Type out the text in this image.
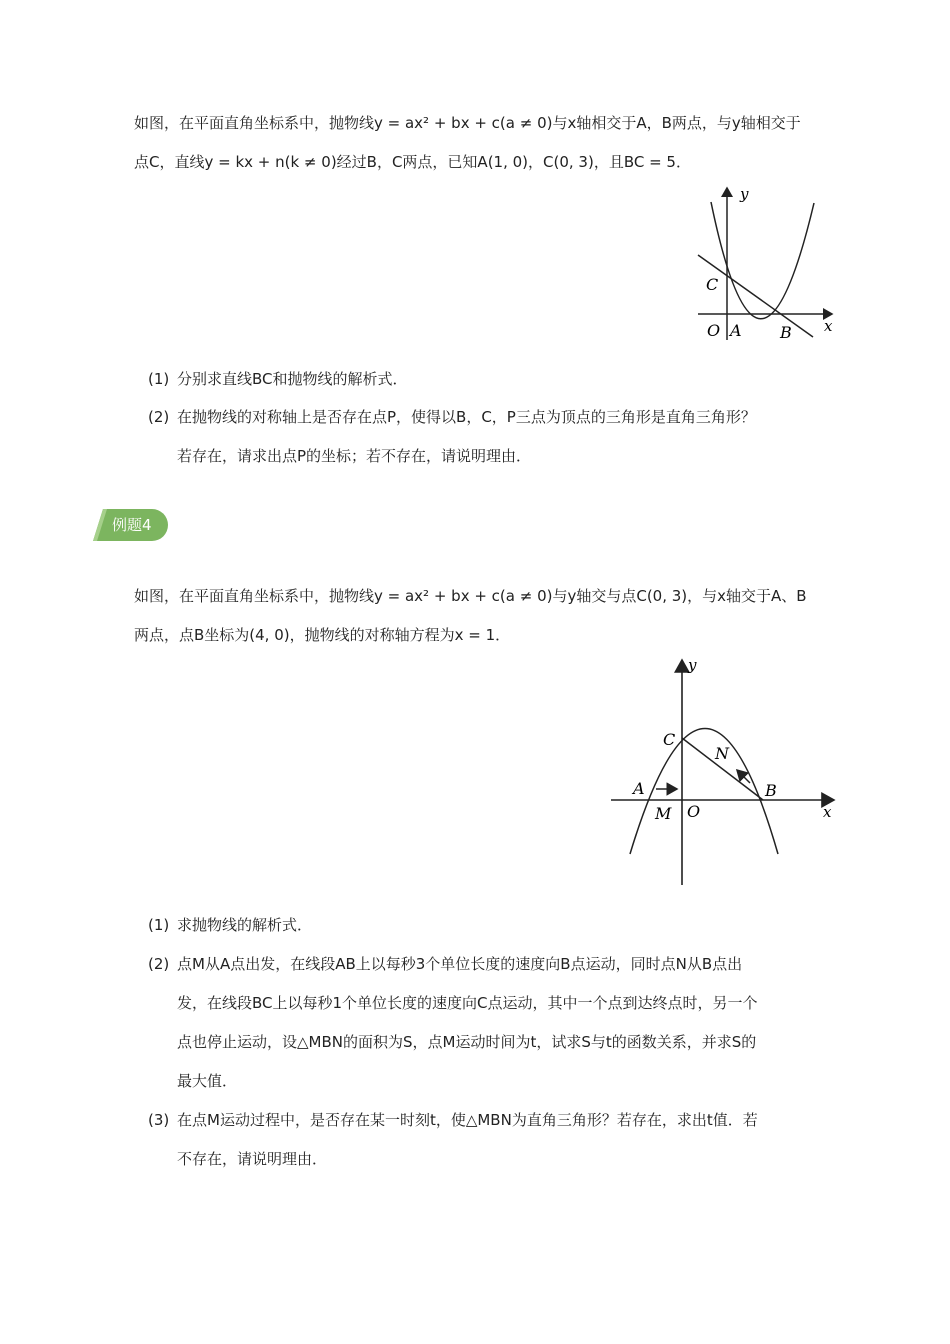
如图，在平面直角坐标系中，抛物线y = ax² + bx + c(a ≠ 0)与x轴相交于A，B两点，与y轴相交于
点C，直线y = kx + n(k ≠ 0)经过B，C两点，已知A(1, 0)，C(0, 3)，且BC = 5．
y
x
C
O A B
(1) 分别求直线BC和抛物线的解析式．
(2) 在抛物线的对称轴上是否存在点P，使得以B，C，P三点为顶点的三角形是直角三角形？
若存在，请求出点P的坐标；若不存在，请说明理由．
例题4
如图，在平面直角坐标系中，抛物线y = ax² + bx + c(a ≠ 0)与y轴交与点C(0, 3)，与x轴交于A、B
两点，点B坐标为(4, 0)，抛物线的对称轴方程为x = 1．
y
x
C
N
A
M O
B
(1) 求抛物线的解析式．
(2) 点M从A点出发，在线段AB上以每秒3个单位长度的速度向B点运动，同时点N从B点出
发，在线段BC上以每秒1个单位长度的速度向C点运动，其中一个点到达终点时，另一个
点也停止运动，设△MBN的面积为S，点M运动时间为t，试求S与t的函数关系，并求S的
最大值．
(3) 在点M运动过程中，是否存在某一时刻t，使△MBN为直角三角形？若存在，求出t值．若
不存在，请说明理由．
